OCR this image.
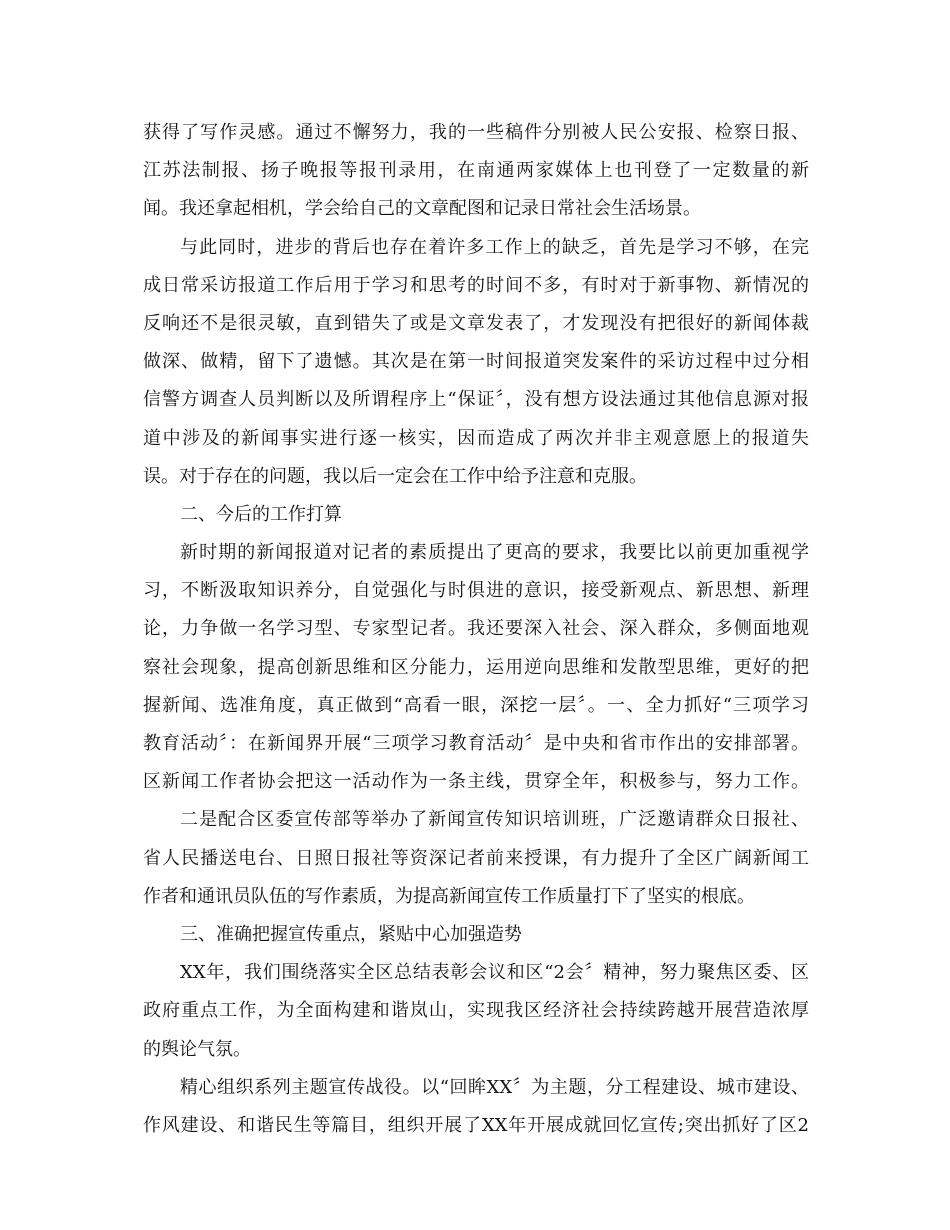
获得了写作灵感。通过不懈努力，我的一些稿件分别被人民公安报、检察日报、
江苏法制报、扬子晚报等报刊录用，在南通两家媒体上也刊登了一定数量的新
闻。我还拿起相机，学会给自己的文章配图和记录日常社会生活场景。
与此同时，进步的背后也存在着许多工作上的缺乏，首先是学习不够，在完
成日常采访报道工作后用于学习和思考的时间不多，有时对于新事物、新情况的
反响还不是很灵敏，直到错失了或是文章发表了，才发现没有把很好的新闻体裁
做深、做精，留下了遗憾。其次是在第一时间报道突发案件的采访过程中过分相
信警方调查人员判断以及所谓程序上“保证〞，没有想方设法通过其他信息源对报
道中涉及的新闻事实进行逐一核实，因而造成了两次并非主观意愿上的报道失
误。对于存在的问题，我以后一定会在工作中给予注意和克服。
二、今后的工作打算
新时期的新闻报道对记者的素质提出了更高的要求，我要比以前更加重视学
习，不断汲取知识养分，自觉强化与时俱进的意识，接受新观点、新思想、新理
论，力争做一名学习型、专家型记者。我还要深入社会、深入群众，多侧面地观
察社会现象，提高创新思维和区分能力，运用逆向思维和发散型思维，更好的把
握新闻、选准角度，真正做到“高看一眼，深挖一层〞。一、全力抓好“三项学习
教育活动〞：在新闻界开展“三项学习教育活动〞是中央和省市作出的安排部署。
区新闻工作者协会把这一活动作为一条主线，贯穿全年，积极参与，努力工作。
二是配合区委宣传部等举办了新闻宣传知识培训班，广泛邀请群众日报社、
省人民播送电台、日照日报社等资深记者前来授课，有力提升了全区广阔新闻工
作者和通讯员队伍的写作素质，为提高新闻宣传工作质量打下了坚实的根底。
三、准确把握宣传重点，紧贴中心加强造势
XX年，我们围绕落实全区总结表彰会议和区“2会〞精神，努力聚焦区委、区
政府重点工作，为全面构建和谐岚山，实现我区经济社会持续跨越开展营造浓厚
的舆论气氛。
精心组织系列主题宣传战役。以“回眸XX〞为主题，分工程建设、城市建设、
作风建设、和谐民生等篇目，组织开展了XX年开展成就回忆宣传;突出抓好了区2
